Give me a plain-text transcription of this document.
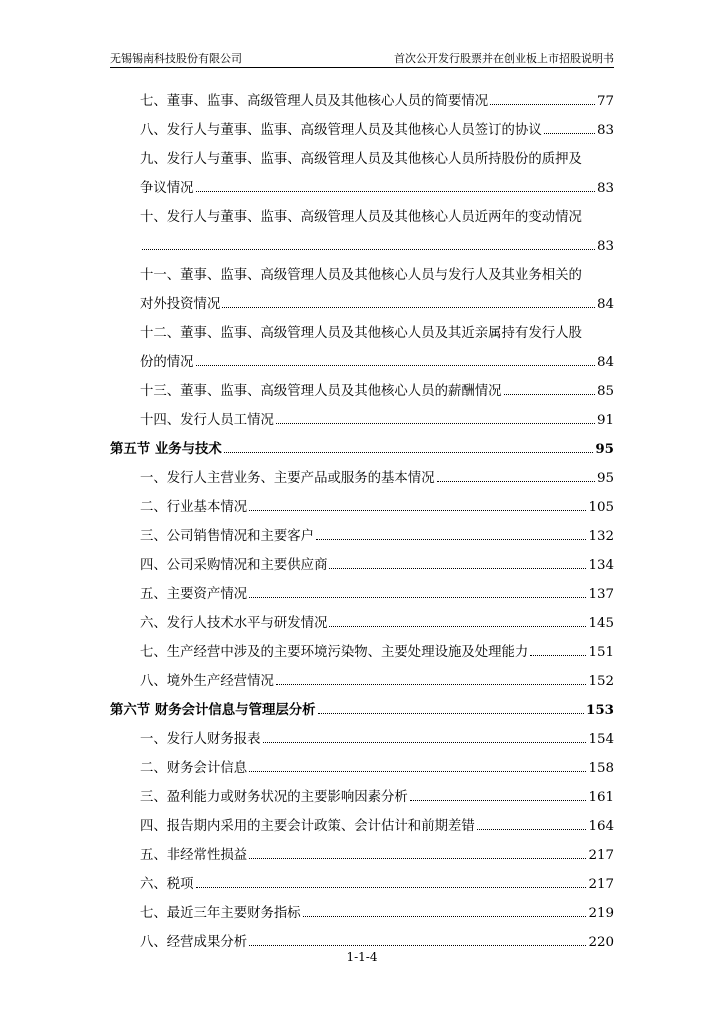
无锡锡南科技股份有限公司	首次公开发行股票并在创业板上市招股说明书
七、董事、监事、高级管理人员及其他核心人员的简要情况	77
八、发行人与董事、监事、高级管理人员及其他核心人员签订的协议	83
九、发行人与董事、监事、高级管理人员及其他核心人员所持股份的质押及
争议情况	83
十、发行人与董事、监事、高级管理人员及其他核心人员近两年的变动情况
83
十一、董事、监事、高级管理人员及其他核心人员与发行人及其业务相关的
对外投资情况	84
十二、董事、监事、高级管理人员及其他核心人员及其近亲属持有发行人股
份的情况	84
十三、董事、监事、高级管理人员及其他核心人员的薪酬情况	85
十四、发行人员工情况	91
第五节 业务与技术	95
一、发行人主营业务、主要产品或服务的基本情况	95
二、行业基本情况	105
三、公司销售情况和主要客户	132
四、公司采购情况和主要供应商	134
五、主要资产情况	137
六、发行人技术水平与研发情况	145
七、生产经营中涉及的主要环境污染物、主要处理设施及处理能力	151
八、境外生产经营情况	152
第六节 财务会计信息与管理层分析	153
一、发行人财务报表	154
二、财务会计信息	158
三、盈利能力或财务状况的主要影响因素分析	161
四、报告期内采用的主要会计政策、会计估计和前期差错	164
五、非经常性损益	217
六、税项	217
七、最近三年主要财务指标	219
八、经营成果分析	220
1-1-4
